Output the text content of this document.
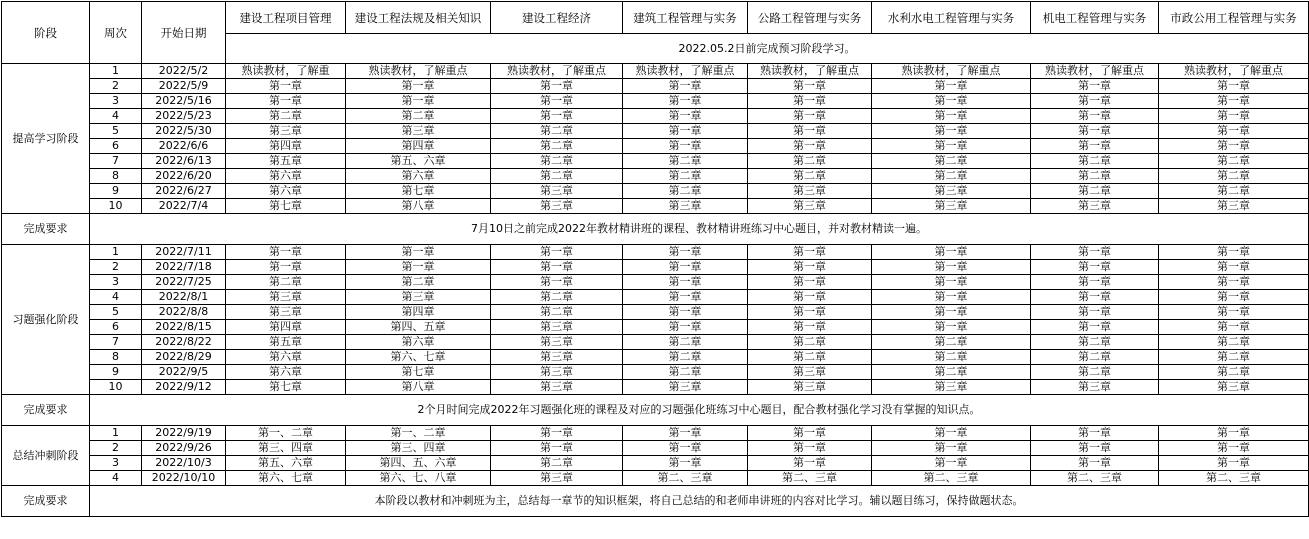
阶段	周次	开始日期	建设工程项目管理	建设工程法规及相关知识	建设工程经济	建筑工程管理与实务	公路工程管理与实务	水利水电工程管理与实务	机电工程管理与实务	市政公用工程管理与实务
			2022.05.2日前完成预习阶段学习。							
提高学习阶段	1	2022/5/2	熟读教材，了解重	熟读教材，了解重点	熟读教材，了解重点	熟读教材，了解重点	熟读教材，了解重点	熟读教材，了解重点	熟读教材，了解重点	熟读教材，了解重点
	2	2022/5/9	第一章	第一章	第一章	第一章	第一章	第一章	第一章	第一章
	3	2022/5/16	第一章	第一章	第一章	第一章	第一章	第一章	第一章	第一章
	4	2022/5/23	第二章	第二章	第一章	第一章	第一章	第一章	第一章	第一章
	5	2022/5/30	第三章	第三章	第二章	第一章	第一章	第一章	第一章	第一章
	6	2022/6/6	第四章	第四章	第二章	第一章	第一章	第一章	第一章	第一章
	7	2022/6/13	第五章	第五、六章	第二章	第二章	第二章	第二章	第二章	第二章
	8	2022/6/20	第六章	第六章	第二章	第二章	第二章	第二章	第二章	第二章
	9	2022/6/27	第六章	第七章	第三章	第二章	第三章	第三章	第二章	第二章
	10	2022/7/4	第七章	第八章	第三章	第三章	第三章	第三章	第三章	第三章
完成要求	7月10日之前完成2022年教材精讲班的课程、教材精讲班练习中心题目，并对教材精读一遍。									
习题强化阶段	1	2022/7/11	第一章	第一章	第一章	第一章	第一章	第一章	第一章	第一章
	2	2022/7/18	第一章	第一章	第一章	第一章	第一章	第一章	第一章	第一章
	3	2022/7/25	第二章	第二章	第一章	第一章	第一章	第一章	第一章	第一章
	4	2022/8/1	第三章	第三章	第二章	第一章	第一章	第一章	第一章	第一章
	5	2022/8/8	第三章	第四章	第二章	第一章	第一章	第一章	第一章	第一章
	6	2022/8/15	第四章	第四、五章	第三章	第一章	第一章	第一章	第一章	第一章
	7	2022/8/22	第五章	第六章	第三章	第二章	第二章	第二章	第二章	第二章
	8	2022/8/29	第六章	第六、七章	第三章	第二章	第二章	第二章	第二章	第二章
	9	2022/9/5	第六章	第七章	第三章	第二章	第三章	第二章	第二章	第二章
	10	2022/9/12	第七章	第八章	第三章	第三章	第三章	第三章	第三章	第三章
完成要求	2个月时间完成2022年习题强化班的课程及对应的习题强化班练习中心题目，配合教材强化学习没有掌握的知识点。									
总结冲刺阶段	1	2022/9/19	第一、二章	第一、二章	第一章	第一章	第一章	第一章	第一章	第一章
	2	2022/9/26	第三、四章	第三、四章	第一章	第一章	第一章	第一章	第一章	第一章
	3	2022/10/3	第五、六章	第四、五、六章	第二章	第一章	第一章	第一章	第一章	第一章
	4	2022/10/10	第六、七章	第六、七、八章	第三章	第二、三章	第二、三章	第二、三章	第二、三章	第二、三章
完成要求	本阶段以教材和冲刺班为主，总结每一章节的知识框架，将自己总结的和老师串讲班的内容对比学习。辅以题目练习，保持做题状态。									
